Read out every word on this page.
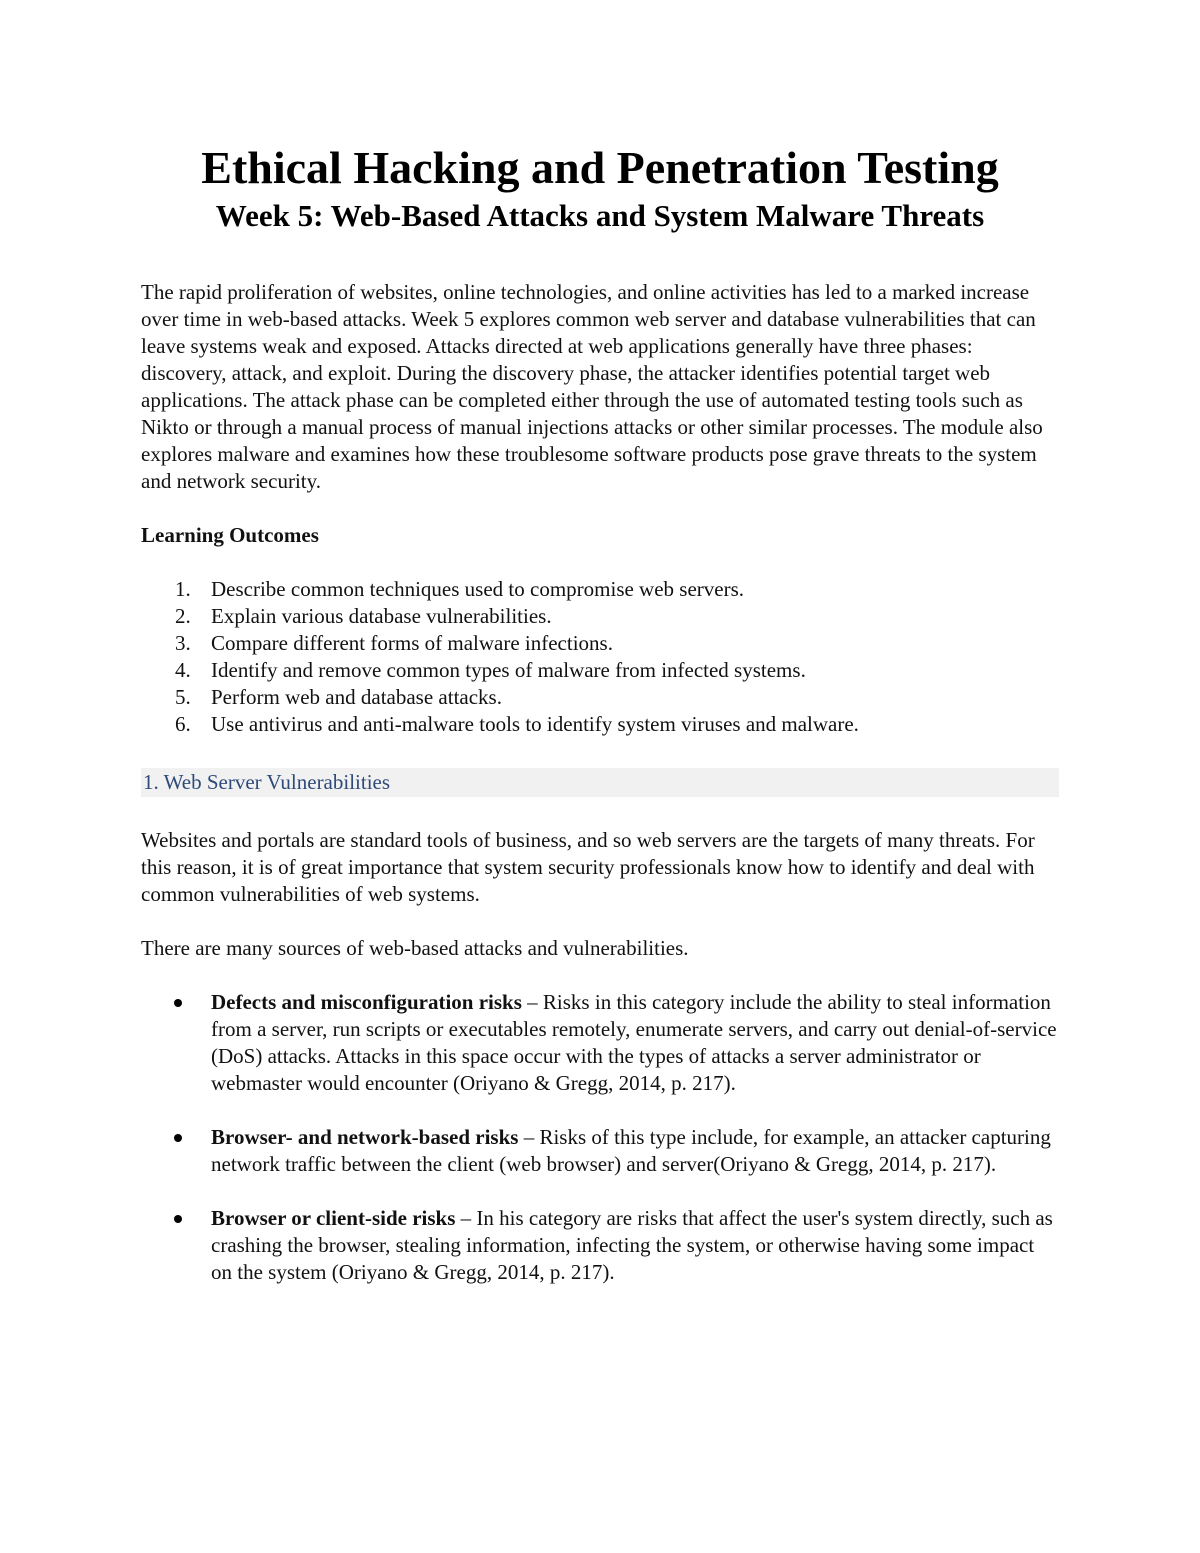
Ethical Hacking and Penetration Testing
Week 5: Web-Based Attacks and System Malware Threats

The rapid proliferation of websites, online technologies, and online activities has led to a marked increase over time in web-based attacks. Week 5 explores common web server and database vulnerabilities that can leave systems weak and exposed. Attacks directed at web applications generally have three phases: discovery, attack, and exploit. During the discovery phase, the attacker identifies potential target web applications. The attack phase can be completed either through the use of automated testing tools such as Nikto or through a manual process of manual injections attacks or other similar processes. The module also explores malware and examines how these troublesome software products pose grave threats to the system and network security.

Learning Outcomes

1. Describe common techniques used to compromise web servers.
2. Explain various database vulnerabilities.
3. Compare different forms of malware infections.
4. Identify and remove common types of malware from infected systems.
5. Perform web and database attacks.
6. Use antivirus and anti-malware tools to identify system viruses and malware.
1. Web Server Vulnerabilities

Websites and portals are standard tools of business, and so web servers are the targets of many threats. For this reason, it is of great importance that system security professionals know how to identify and deal with common vulnerabilities of web systems.

There are many sources of web-based attacks and vulnerabilities.

Defects and misconfiguration risks – Risks in this category include the ability to steal information from a server, run scripts or executables remotely, enumerate servers, and carry out denial-of-service (DoS) attacks. Attacks in this space occur with the types of attacks a server administrator or webmaster would encounter (Oriyano & Gregg, 2014, p. 217).
Browser- and network-based risks – Risks of this type include, for example, an attacker capturing network traffic between the client (web browser) and server(Oriyano & Gregg, 2014, p. 217).
Browser or client-side risks – In his category are risks that affect the user's system directly, such as crashing the browser, stealing information, infecting the system, or otherwise having some impact on the system (Oriyano & Gregg, 2014, p. 217).
